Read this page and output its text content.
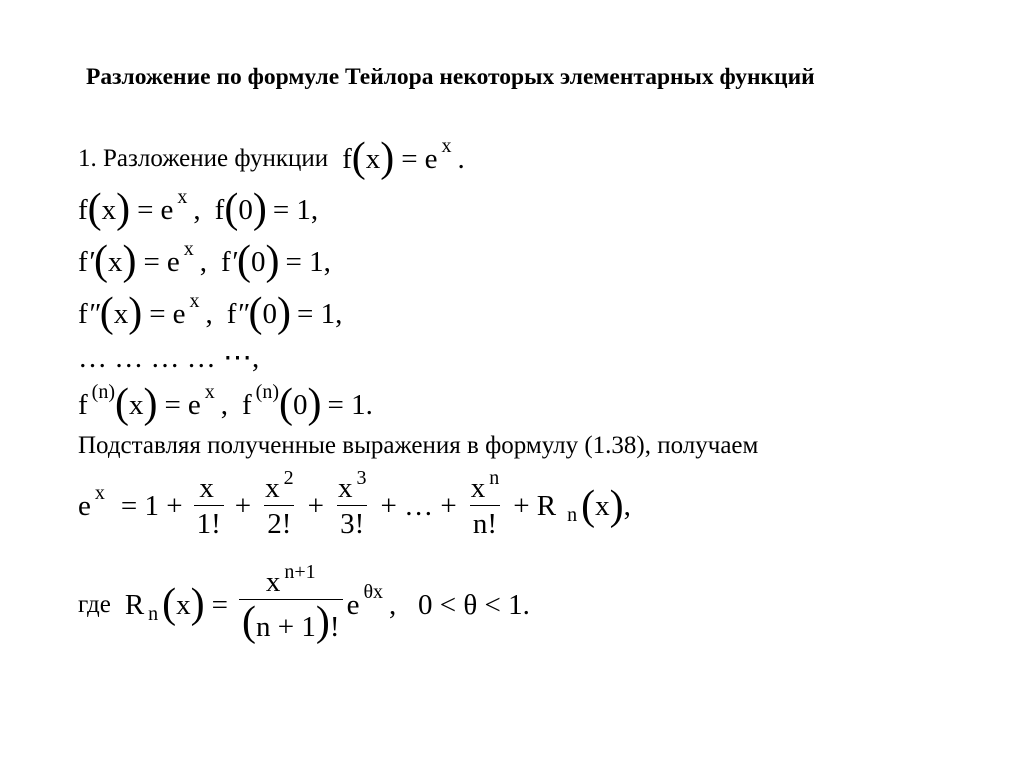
Разложение по формуле Тейлора некоторых элементарных функций
1. Разложение функции f ( x ) = e x .
f ( x ) = e x , f ( 0 ) = 1,
f ′ ( x ) = e x , f ′ ( 0 ) = 1,
f ″ ( x ) = e x , f ″ ( 0 ) = 1,
… … … … ⋯,
f (n) ( x ) = e x , f (n) ( 0 ) = 1.
Подставляя полученные выражения в формулу (1.38), получаем
e $x = 1 + \frac{x}{1!} + \frac{x ^2}{2!} + \frac{x ^3}{3!}$ + … + $\frac{x ^n}{n!} + R$ n ( x ) ,
где R n ( x ) = $\frac{x ^{n+1}}{(n + 1)!}$ e θx ,   0 < θ < 1.
